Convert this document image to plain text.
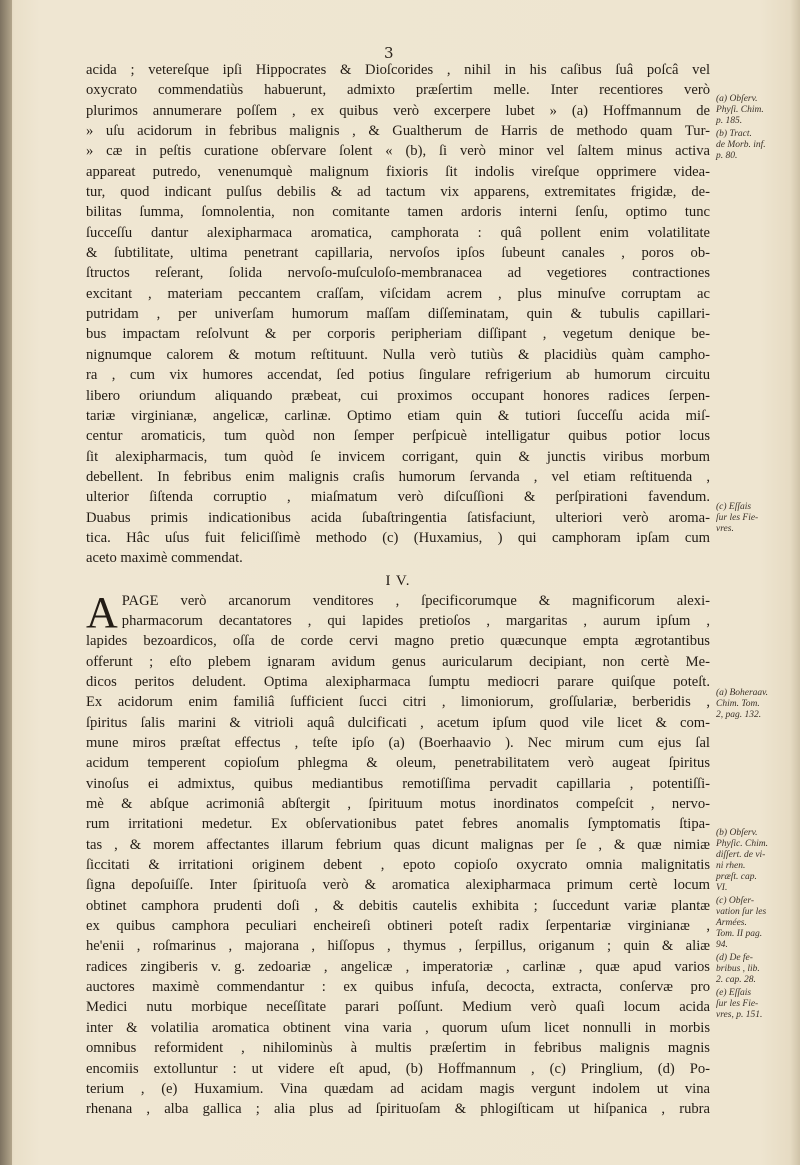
3
acida ; vetereſque ipſi Hippocrates & Dioſcorides , nihil in his caſibus ſuâ poſcâ vel
oxycrato commendatiùs habuerunt, admixto præſertim melle. Inter recentiores verò
plurimos annumerare poſſem , ex quibus verò excerpere lubet » (a) Hoffmannum de
» uſu acidorum in febribus malignis , & Gualtherum de Harris de methodo quam Tur-
» cæ in peſtis curatione obſervare ſolent « (b), ſi verò minor vel ſaltem minus activa
appareat putredo, venenumquè malignum fixioris ſit indolis vireſque opprimere videa-
tur, quod indicant pulſus debilis & ad tactum vix apparens, extremitates frigidæ, de-
bilitas ſumma, ſomnolentia, non comitante tamen ardoris interni ſenſu, optimo tunc
ſucceſſu dantur alexipharmaca aromatica, camphorata : quâ pollent enim volatilitate
& ſubtilitate, ultima penetrant capillaria, nervoſos ipſos ſubeunt canales , poros ob-
ſtructos reſerant, ſolida nervoſo-muſculoſo-membranacea ad vegetiores contractiones
excitant , materiam peccantem craſſam, viſcidam acrem , plus minuſve corruptam ac
putridam , per univerſam humorum maſſam diſſeminatam, quin & tubulis capillari-
bus impactam reſolvunt & per corporis peripheriam diſſipant , vegetum denique be-
nignumque calorem & motum reſtituunt. Nulla verò tutiùs & placidiùs quàm campho-
ra , cum vix humores accendat, ſed potius ſingulare refrigerium ab humorum circuitu
libero oriundum aliquando præbeat, cui proximos occupant honores radices ſerpen-
tariæ virginianæ, angelicæ, carlinæ. Optimo etiam quin & tutiori ſucceſſu acida miſ-
centur aromaticis, tum quòd non ſemper perſpicuè intelligatur quibus potior locus
ſit alexipharmacis, tum quòd ſe invicem corrigant, quin & junctis viribus morbum
debellent. In febribus enim malignis craſis humorum ſervanda , vel etiam reſtituenda ,
ulterior ſiſtenda corruptio , miaſmatum verò diſcuſſioni & perſpirationi favendum.
Duabus primis indicationibus acida ſubaſtringentia ſatisfaciunt, ulteriori verò aroma-
tica. Hâc uſus fuit feliciſſimè methodo (c) (Huxamius, ) qui camphoram ipſam cum
aceto maximè commendat.
I V.
A PAGE verò arcanorum venditores , ſpecificorumque & magnificorum alexi-
pharmacorum decantatores , qui lapides pretioſos , margaritas , aurum ipſum ,
lapides bezoardicos, oſſa de corde cervi magno pretio quæcunque empta ægrotantibus
offerunt ; eſto plebem ignaram avidum genus auricularum decipiant, non certè Me-
dicos peritos deludent. Optima alexipharmaca ſumptu mediocri parare quiſque poteſt.
Ex acidorum enim familiâ ſufficient ſucci citri , limoniorum, groſſulariæ, berberidis ,
ſpiritus ſalis marini & vitrioli aquâ dulcificati , acetum ipſum quod vile licet & com-
mune miros præſtat effectus , teſte ipſo (a) (Boerhaavio ). Nec mirum cum ejus ſal
acidum temperent copioſum phlegma & oleum, penetrabilitatem verò augeat ſpiritus
vinoſus ei admixtus, quibus mediantibus remotiſſima pervadit capillaria , potentiſſi-
mè & abſque acrimoniâ abſtergit , ſpirituum motus inordinatos compeſcit , nervo-
rum irritationi medetur. Ex obſervationibus patet febres anomalis ſymptomatis ſtipa-
tas , & morem affectantes illarum febrium quas dicunt malignas per ſe , & quæ nimiæ
ſiccitati & irritationi originem debent , epoto copioſo oxycrato omnia malignitatis
ſigna depoſuiſſe. Inter ſpirituoſa verò & aromatica alexipharmaca primum certè locum
obtinet camphora prudenti doſi , & debitis cautelis exhibita ; ſuccedunt variæ plantæ
ex quibus camphora peculiari encheireſi obtineri poteſt radix ſerpentariæ virginianæ ,
he'enii , roſmarinus , majorana , hiſſopus , thymus , ſerpillus, origanum ; quin & aliæ
radices zingiberis v. g. zedoariæ , angelicæ , imperatoriæ , carlinæ , quæ apud varios
auctores maximè commendantur : ex quibus infuſa, decocta, extracta, conſervæ pro
Medici nutu morbique neceſſitate parari poſſunt. Medium verò quaſi locum acida
inter & volatilia aromatica obtinent vina varia , quorum uſum licet nonnulli in morbis
omnibus reformident , nihilominùs à multis præſertim in febribus malignis magnis
encomiis extolluntur : ut videre eſt apud, (b) Hoffmannum , (c) Pringlium, (d) Po-
terium , (e) Huxamium. Vina quædam ad acidam magis vergunt indolem ut vina
rhenana , alba gallica ; alia plus ad ſpirituoſam & phlogiſticam ut hiſpanica , rubra
(a) Obſerv.
Phyſi. Chim.
p. 185.
(b) Tract.
de Morb. inf.
p. 80.
(c) Eſſais
ſur les Fie-
vres.
(a) Boheraav.
Chim. Tom.
2, pag. 132.
(b) Obſerv.
Phyſic. Chim.
diſſert. de vi-
ni rhen.
præſt. cap.
VI.
(c) Obſer-
vation ſur les
Armées.
Tom. II pag.
94.
(d) De fe-
bribus , lib.
2. cap. 28.
(e) Eſſais
ſur les Fie-
vres, p. 151.
